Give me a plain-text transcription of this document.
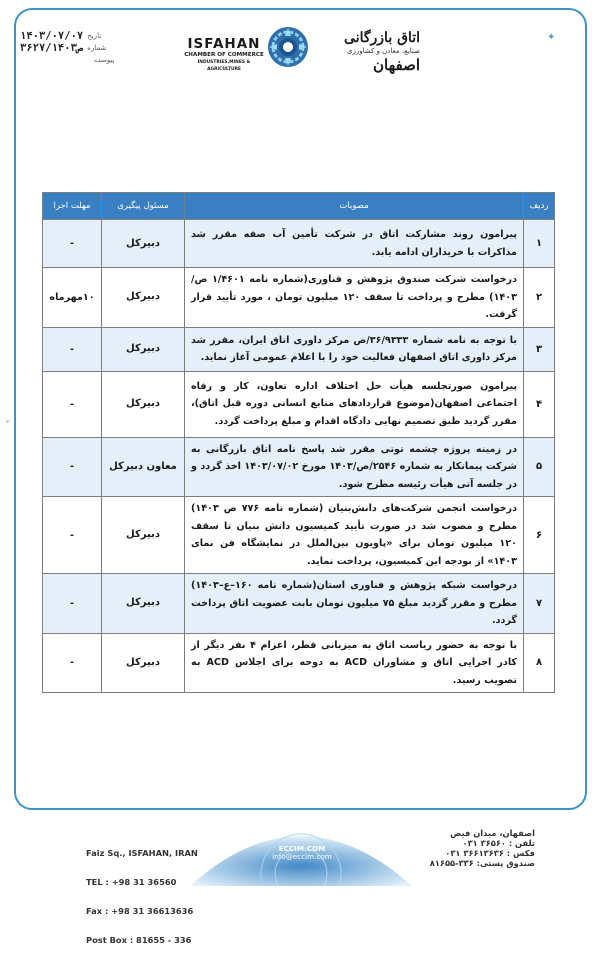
۱۴۰۳/۰۷/۰۷ تاریخ
۳۶۲۷/ص۱۴۰۳ شماره
پیوست
ISFAHAN
CHAMBER OF COMMERCE
INDUSTRIES,MINES & AGRICULTURE
اتاق بازرگانی
صنایع، معادن و کشاورزی
اصفهان
✦
ردیف	مصوبات	مسئول پیگیری	مهلت اجرا
۱	پیرامون روند مشارکت اتاق در شرکت تأمین آب صفه مقرر شد مذاکرات با خریداران ادامه یابد.	دبیرکل	-
۲	درخواست شرکت صندوق پژوهش و فناوری(شماره نامه ۱/۴۶۰۱ ص/۱۴۰۳) مطرح و پرداخت تا سقف ۱۲۰ میلیون تومان ، مورد تأیید قرار گرفت.	دبیرکل	۱۰مهرماه
۳	با توجه به نامه شماره ۳۶/۹۳۳۳/ص مرکز داوری اتاق ایران، مقرر شد مرکز داوری اتاق اصفهان فعالیت خود را با اعلام عمومی آغاز نماید.	دبیرکل	-
۴	پیرامون صورتجلسه هیأت حل اختلاف اداره تعاون، کار و رفاه اجتماعی اصفهان(موضوع قراردادهای منابع انسانی دوره قبل اتاق)، مقرر گردید طبق تصمیم نهایی دادگاه اقدام و مبلغ پرداخت گردد.	دبیرکل	-
۵	در زمینه پروژه چشمه توتی مقرر شد پاسخ نامه اتاق بازرگانی به شرکت پیمانکار به شماره ۲۵۴۶/ص/۱۴۰۳ مورخ ۱۴۰۳/۰۷/۰۲ اخذ گردد و در جلسه آتی هیأت رئیسه مطرح شود.	معاون دبیرکل	-
۶	درخواست انجمن شرکت‌های دانش‌بنیان (شماره نامه ۷۷۶ ص ۱۴۰۳) مطرح و مصوب شد در صورت تأیید کمیسیون دانش بنیان تا سقف ۱۲۰ میلیون تومان برای «پاویون بین‌الملل در نمایشگاه فن نمای ۱۴۰۳» از بودجه این کمیسیون، پرداخت نماید.	دبیرکل	-
۷	درخواست شبکه پژوهش و فناوری استان(شماره نامه ۱۶۰–ع–۱۴۰۳) مطرح و مقرر گردید مبلغ ۷۵ میلیون تومان بابت عضویت اتاق پرداخت گردد.	دبیرکل	-
۸	با توجه به حضور ریاست اتاق به میزبانی قطر، اعزام ۴ نفر دیگر از کادر اجرایی اتاق و مشاوران ACD به دوحه برای اجلاس ACD به تصویب رسید.	دبیرکل	-

Faiz Sq., ISFAHAN, IRAN

TEL : +98 31 36560

Fax : +98 31 36613636

Post Box : 81655 - 336

اصفهان، میدان فیض
تلفن : ۳۶۵۶۰ ۰۳۱
فکس : ۳۶۶۱۳۶۳۶ ۰۳۱
صندوق پستی: ۳۳۶-۸۱۶۵۵
ECCIM.COM
info@eccim.com
